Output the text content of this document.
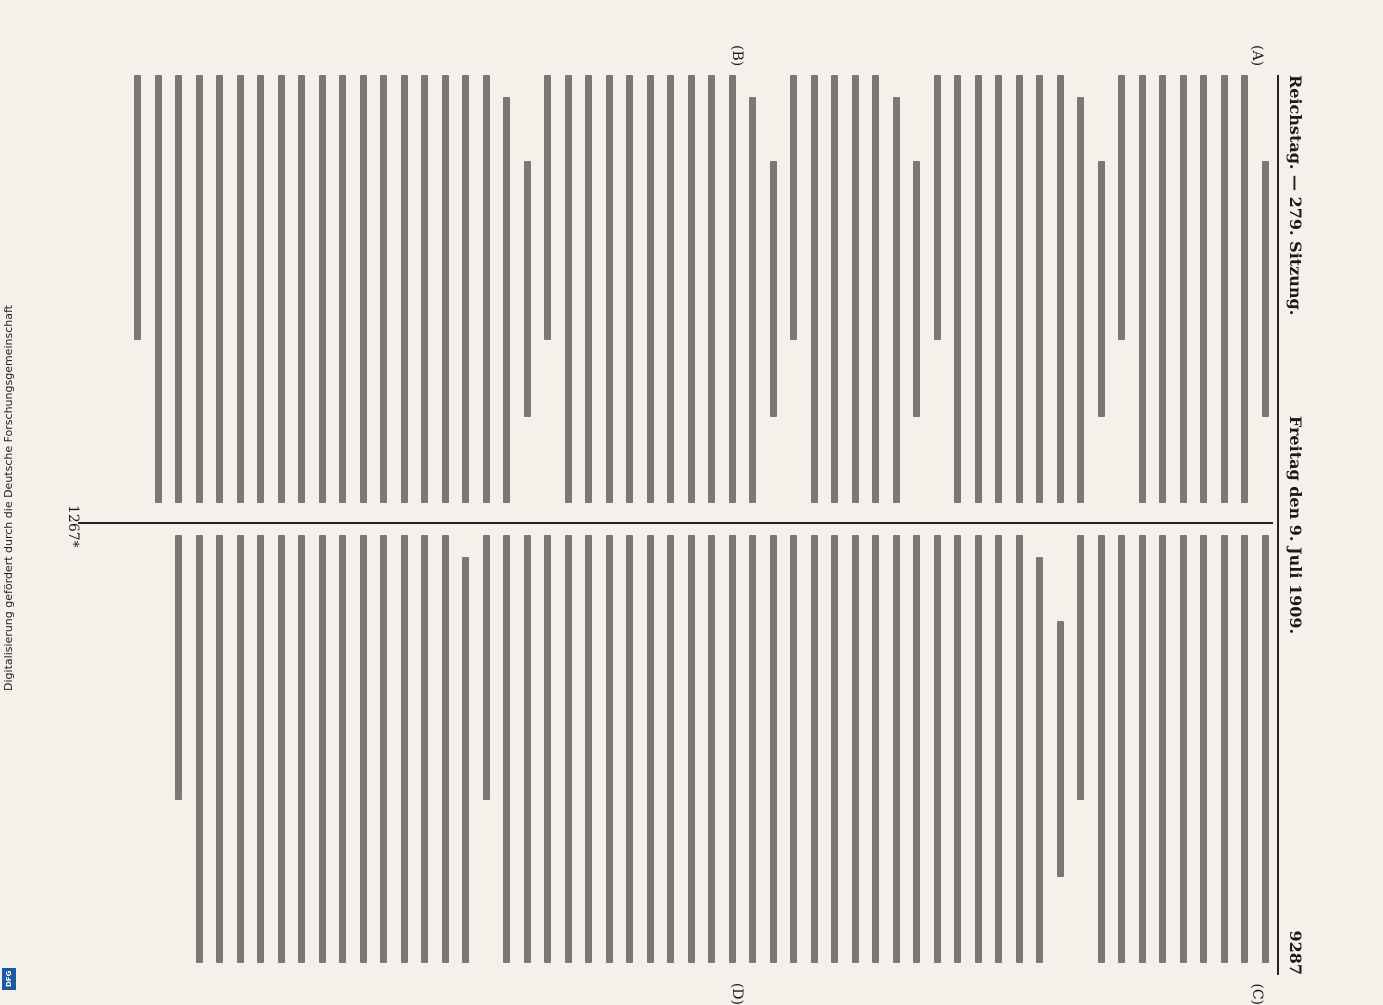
Reichstag. — 279. Sitzung.
Freitag den 9. Juli 1909.
9287
(A)
(C)
(B)
(D)
1267*
Digitalisierung gefördert durch die Deutsche Forschungsgemeinschaft
DFG
